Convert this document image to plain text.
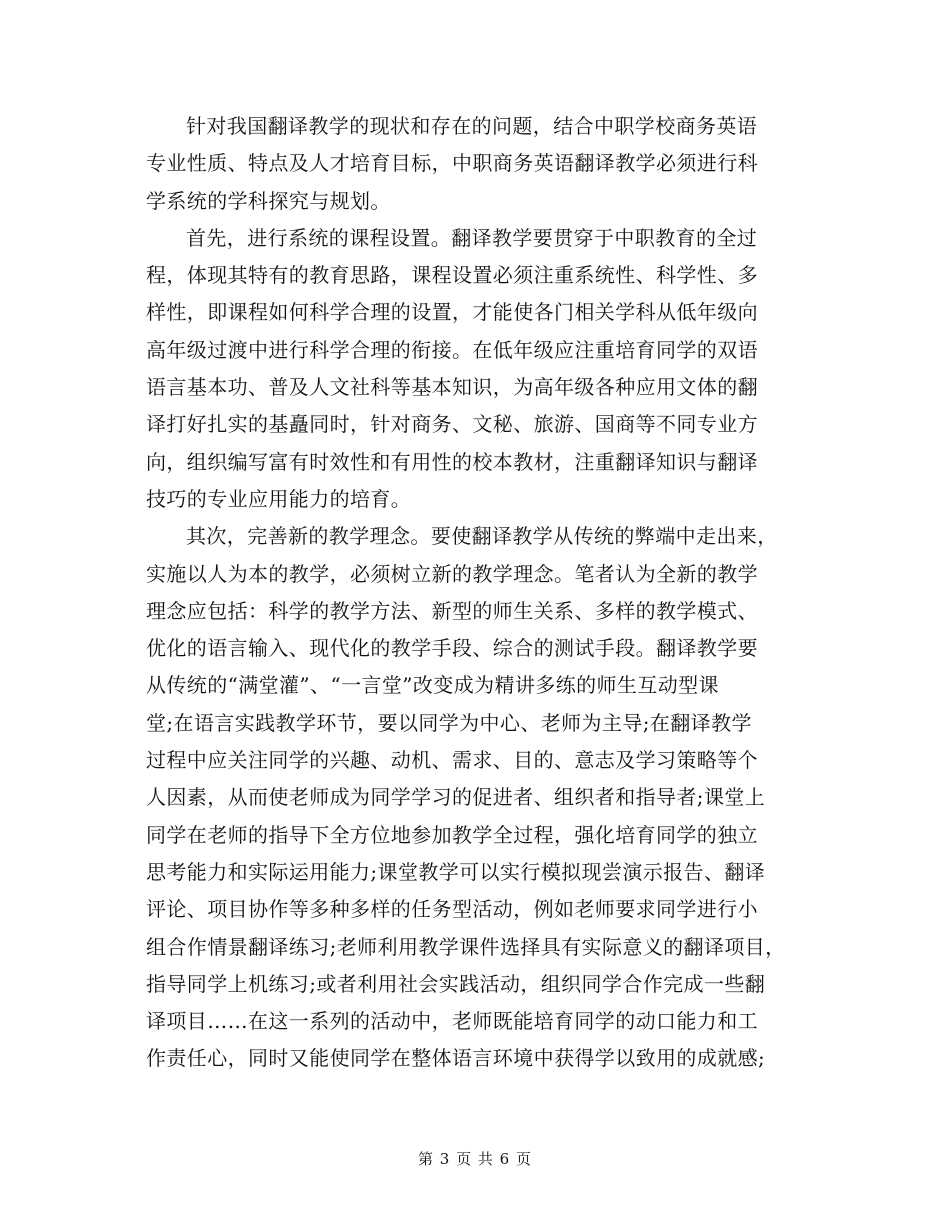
针对我国翻译教学的现状和存在的问题，结合中职学校商务英语
专业性质、特点及人才培育目标，中职商务英语翻译教学必须进行科
学系统的学科探究与规划。
首先，进行系统的课程设置。翻译教学要贯穿于中职教育的全过
程，体现其特有的教育思路，课程设置必须注重系统性、科学性、多
样性，即课程如何科学合理的设置，才能使各门相关学科从低年级向
高年级过渡中进行科学合理的衔接。在低年级应注重培育同学的双语
语言基本功、普及人文社科等基本知识，为高年级各种应用文体的翻
译打好扎实的基矗同时，针对商务、文秘、旅游、国商等不同专业方
向，组织编写富有时效性和有用性的校本教材，注重翻译知识与翻译
技巧的专业应用能力的培育。
其次，完善新的教学理念。要使翻译教学从传统的弊端中走出来，
实施以人为本的教学，必须树立新的教学理念。笔者认为全新的教学
理念应包括：科学的教学方法、新型的师生关系、多样的教学模式、
优化的语言输入、现代化的教学手段、综合的测试手段。翻译教学要
从传统的“满堂灌”、“一言堂”改变成为精讲多练的师生互动型课
堂;在语言实践教学环节，要以同学为中心、老师为主导;在翻译教学
过程中应关注同学的兴趣、动机、需求、目的、意志及学习策略等个
人因素，从而使老师成为同学学习的促进者、组织者和指导者;课堂上
同学在老师的指导下全方位地参加教学全过程，强化培育同学的独立
思考能力和实际运用能力;课堂教学可以实行模拟现尝演示报告、翻译
评论、项目协作等多种多样的任务型活动，例如老师要求同学进行小
组合作情景翻译练习;老师利用教学课件选择具有实际意义的翻译项目，
指导同学上机练习;或者利用社会实践活动，组织同学合作完成一些翻
译项目……在这一系列的活动中，老师既能培育同学的动口能力和工
作责任心，同时又能使同学在整体语言环境中获得学以致用的成就感;
第 3 页 共 6 页
